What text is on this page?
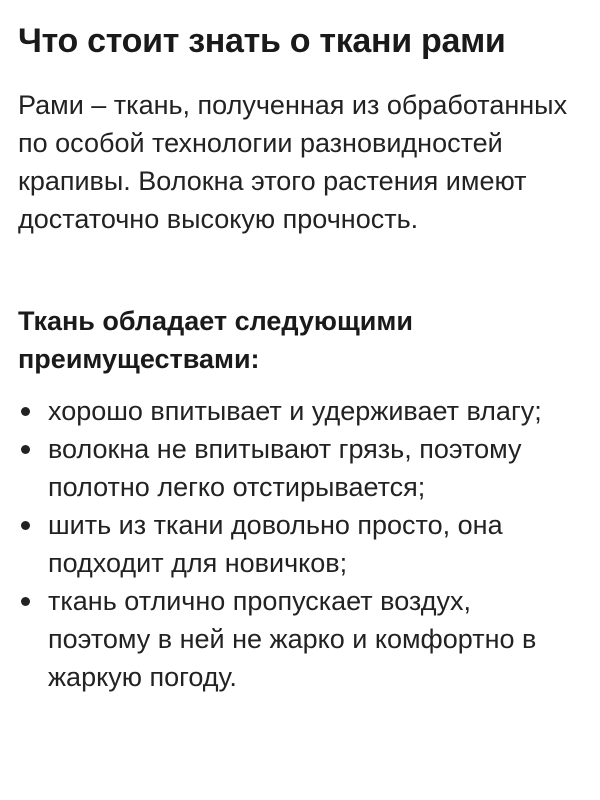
Что стоит знать о ткани рами

Рами – ткань, полученная из обработанных по особой технологии разновидностей крапивы. Волокна этого растения имеют достаточно высокую прочность.

Ткань обладает следующими преимуществами:
хорошо впитывает и удерживает влагу;
волокна не впитывают грязь, поэтому полотно легко отстирывается;
шить из ткани довольно просто, она подходит для новичков;
ткань отлично пропускает воздух, поэтому в ней не жарко и комфортно в жаркую погоду.
